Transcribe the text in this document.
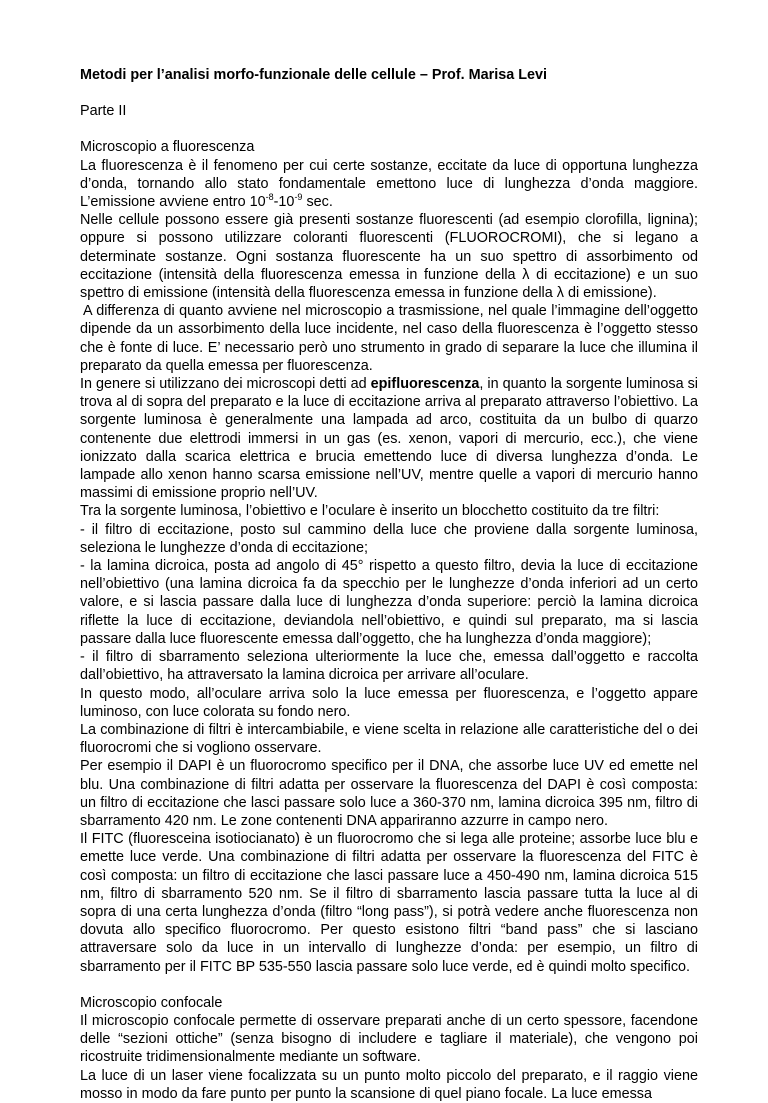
Metodi per l’analisi morfo-funzionale delle cellule – Prof. Marisa Levi

Parte II

Microscopio a fluorescenza

La fluorescenza è il fenomeno per cui certe sostanze, eccitate da luce di opportuna lunghezza d’onda, tornando allo stato fondamentale emettono luce di lunghezza d’onda maggiore. L’emissione avviene entro $10^{-8}-10^{-9}$ sec.

Nelle cellule possono essere già presenti sostanze fluorescenti (ad esempio clorofilla, lignina); oppure si possono utilizzare coloranti fluorescenti (FLUOROCROMI), che si legano a determinate sostanze. Ogni sostanza fluorescente ha un suo spettro di assorbimento od eccitazione (intensità della fluorescenza emessa in funzione della λ di eccitazione) e un suo spettro di emissione (intensità della fluorescenza emessa in funzione della λ di emissione).

A differenza di quanto avviene nel microscopio a trasmissione, nel quale l’immagine dell’oggetto dipende da un assorbimento della luce incidente, nel caso della fluorescenza è l’oggetto stesso che è fonte di luce. E’ necessario però uno strumento in grado di separare la luce che illumina il preparato da quella emessa per fluorescenza.

In genere si utilizzano dei microscopi detti ad epifluorescenza, in quanto la sorgente luminosa si trova al di sopra del preparato e la luce di eccitazione arriva al preparato attraverso l’obiettivo. La sorgente luminosa è generalmente una lampada ad arco, costituita da un bulbo di quarzo contenente due elettrodi immersi in un gas (es. xenon, vapori di mercurio, ecc.), che viene ionizzato dalla scarica elettrica e brucia emettendo luce di diversa lunghezza d’onda. Le lampade allo xenon hanno scarsa emissione nell’UV, mentre quelle a vapori di mercurio hanno massimi di emissione proprio nell’UV.

Tra la sorgente luminosa, l’obiettivo e l’oculare è inserito un blocchetto costituito da tre filtri:

- il filtro di eccitazione, posto sul cammino della luce che proviene dalla sorgente luminosa, seleziona le lunghezze d’onda di eccitazione;

- la lamina dicroica, posta ad angolo di 45° rispetto a questo filtro, devia la luce di eccitazione nell’obiettivo (una lamina dicroica fa da specchio per le lunghezze d’onda inferiori ad un certo valore, e si lascia passare dalla luce di lunghezza d’onda superiore: perciò la lamina dicroica riflette la luce di eccitazione, deviandola nell’obiettivo, e quindi sul preparato, ma si lascia passare dalla luce fluorescente emessa dall’oggetto, che ha lunghezza d’onda maggiore);

- il filtro di sbarramento seleziona ulteriormente la luce che, emessa dall’oggetto e raccolta dall’obiettivo, ha attraversato la lamina dicroica per arrivare all’oculare.

In questo modo, all’oculare arriva solo la luce emessa per fluorescenza, e l’oggetto appare luminoso, con luce colorata su fondo nero.

La combinazione di filtri è intercambiabile, e viene scelta in relazione alle caratteristiche del o dei fluorocromi che si vogliono osservare.

Per esempio il DAPI è un fluorocromo specifico per il DNA, che assorbe luce UV ed emette nel blu. Una combinazione di filtri adatta per osservare la fluorescenza del DAPI è così composta: un filtro di eccitazione che lasci passare solo luce a 360-370 nm, lamina dicroica 395 nm, filtro di sbarramento 420 nm. Le zone contenenti DNA appariranno azzurre in campo nero.

Il FITC (fluoresceina isotiocianato) è un fluorocromo che si lega alle proteine; assorbe luce blu e emette luce verde. Una combinazione di filtri adatta per osservare la fluorescenza del FITC è così composta: un filtro di eccitazione che lasci passare luce a 450-490 nm, lamina dicroica 515 nm, filtro di sbarramento 520 nm. Se il filtro di sbarramento lascia passare tutta la luce al di sopra di una certa lunghezza d’onda (filtro “long pass”), si potrà vedere anche fluorescenza non dovuta allo specifico fluorocromo. Per questo esistono filtri “band pass” che si lasciano attraversare solo da luce in un intervallo di lunghezze d’onda: per esempio, un filtro di sbarramento per il FITC BP 535-550 lascia passare solo luce verde, ed è quindi molto specifico.

Microscopio confocale

Il microscopio confocale permette di osservare preparati anche di un certo spessore, facendone delle “sezioni ottiche” (senza bisogno di includere e tagliare il materiale), che vengono poi ricostruite tridimensionalmente mediante un software.

La luce di un laser viene focalizzata su un punto molto piccolo del preparato, e il raggio viene mosso in modo da fare punto per punto la scansione di quel piano focale. La luce emessa
